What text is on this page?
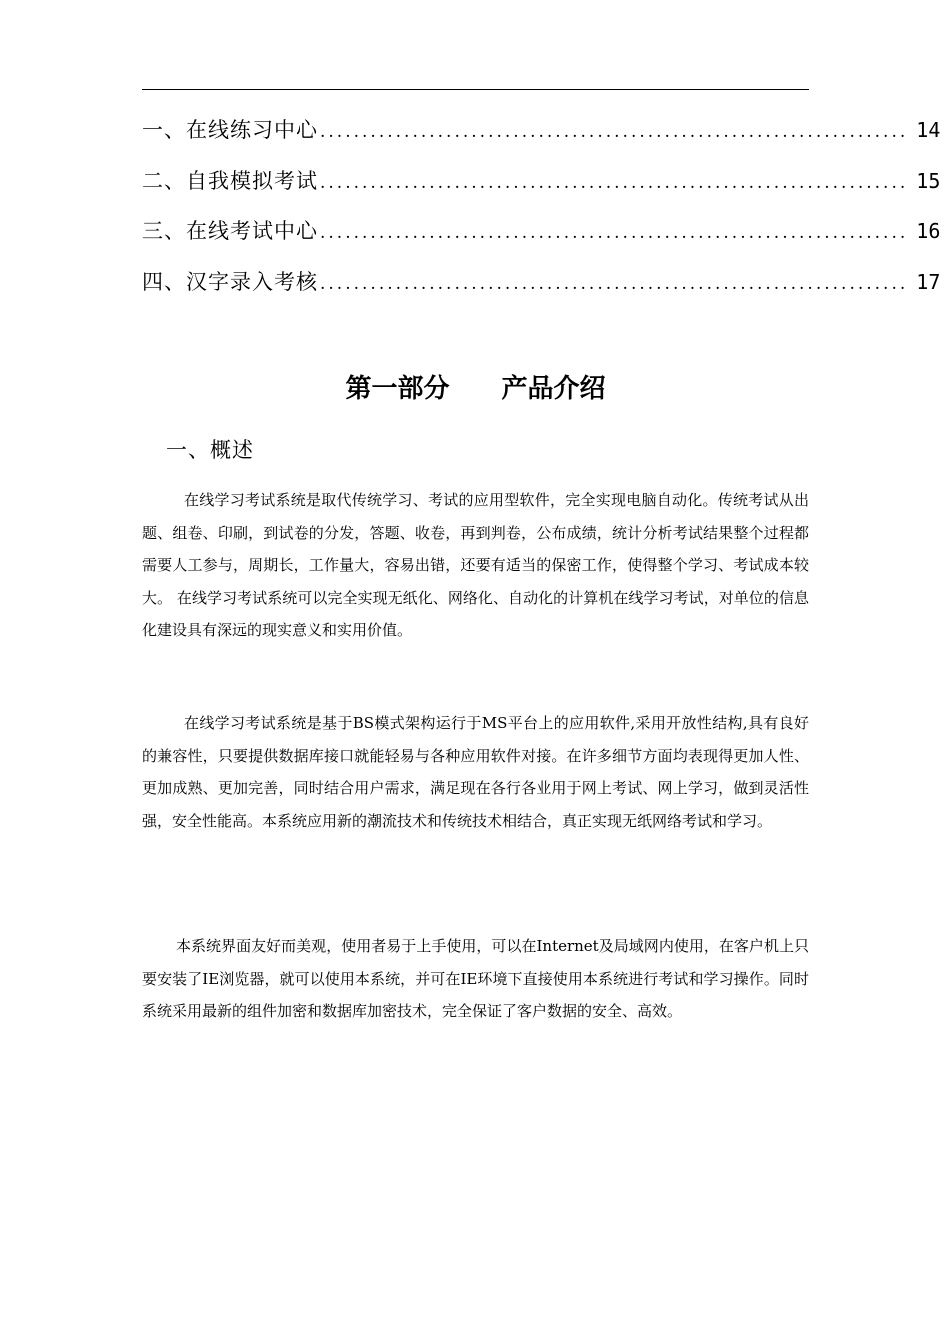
一、在线练习中心 ...................................................................... 14
二、自我模拟考试 ...................................................................... 15
三、在线考试中心 ...................................................................... 16
四、汉字录入考核 ...................................................................... 17
第一部分　　产品介绍
一、概述

在线学习考试系统是取代传统学习、考试的应用型软件，完全实现电脑自动化。传统考试从出题、组卷、印刷，到试卷的分发，答题、收卷，再到判卷，公布成绩，统计分析考试结果整个过程都需要人工参与，周期长，工作量大，容易出错，还要有适当的保密工作，使得整个学习、考试成本较大。 在线学习考试系统可以完全实现无纸化、网络化、自动化的计算机在线学习考试，对单位的信息化建设具有深远的现实意义和实用价值。

在线学习考试系统是基于BS模式架构运行于MS平台上的应用软件,采用开放性结构,具有良好的兼容性，只要提供数据库接口就能轻易与各种应用软件对接。在许多细节方面均表现得更加人性、更加成熟、更加完善，同时结合用户需求，满足现在各行各业用于网上考试、网上学习，做到灵活性强，安全性能高。本系统应用新的潮流技术和传统技术相结合，真正实现无纸网络考试和学习。

本系统界面友好而美观，使用者易于上手使用，可以在Internet及局域网内使用，在客户机上只要安装了IE浏览器，就可以使用本系统，并可在IE环境下直接使用本系统进行考试和学习操作。同时系统采用最新的组件加密和数据库加密技术，完全保证了客户数据的安全、高效。
